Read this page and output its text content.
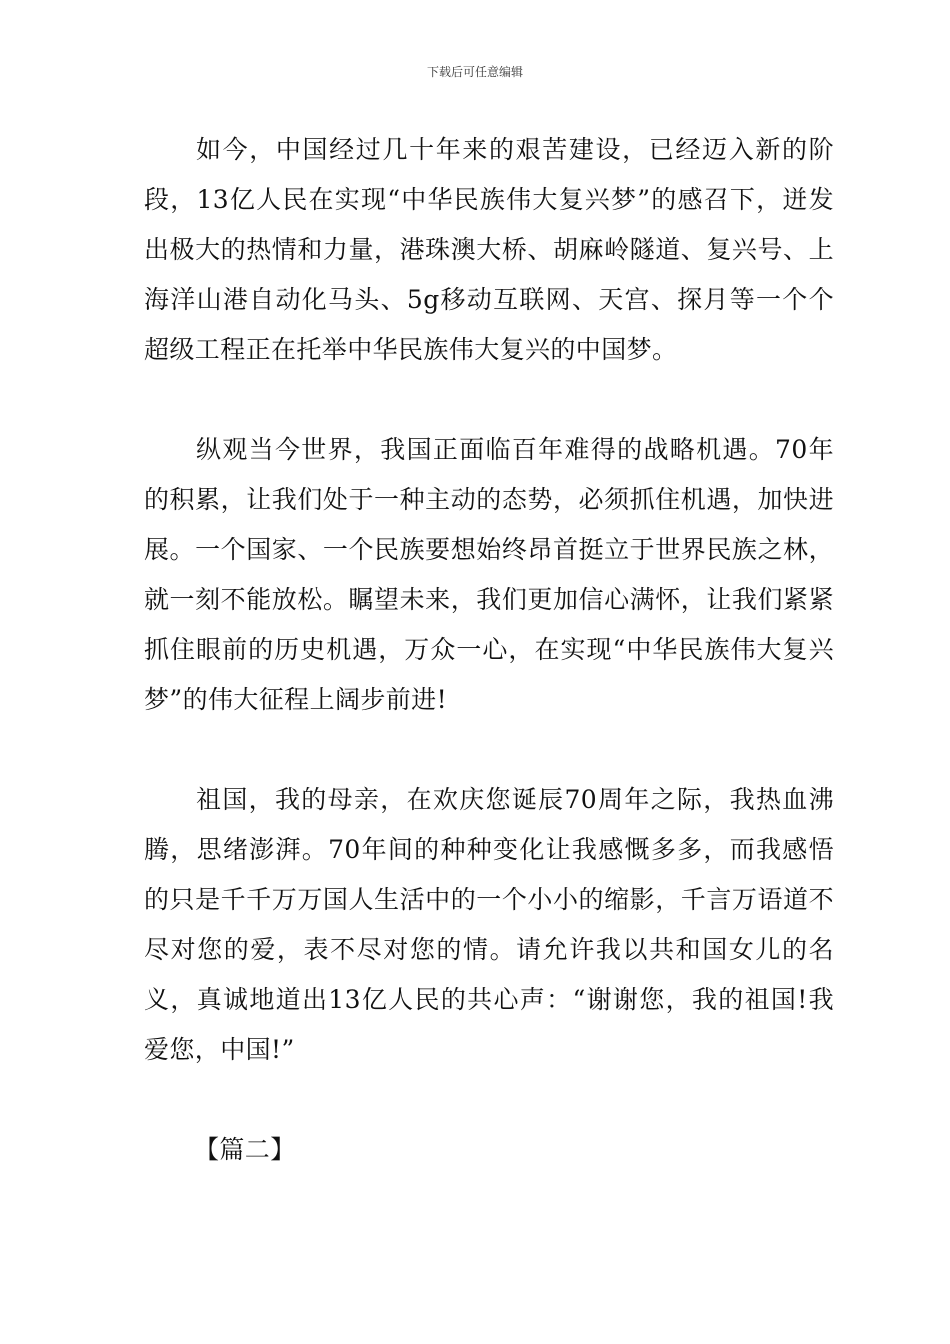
下载后可任意编辑

如今，中国经过几十年来的艰苦建设，已经迈入新的阶段，13亿人民在实现“中华民族伟大复兴梦”的感召下，迸发出极大的热情和力量，港珠澳大桥、胡麻岭隧道、复兴号、上海洋山港自动化马头、5g移动互联网、天宫、探月等一个个超级工程正在托举中华民族伟大复兴的中国梦。

纵观当今世界，我国正面临百年难得的战略机遇。70年的积累，让我们处于一种主动的态势，必须抓住机遇，加快进展。一个国家、一个民族要想始终昂首挺立于世界民族之林，就一刻不能放松。瞩望未来，我们更加信心满怀，让我们紧紧抓住眼前的历史机遇，万众一心，在实现“中华民族伟大复兴梦”的伟大征程上阔步前进!

祖国，我的母亲，在欢庆您诞辰70周年之际，我热血沸腾，思绪澎湃。70年间的种种变化让我感慨多多，而我感悟的只是千千万万国人生活中的一个小小的缩影，千言万语道不尽对您的爱，表不尽对您的情。请允许我以共和国女儿的名义，真诚地道出13亿人民的共心声：“谢谢您，我的祖国!我爱您，中国!”

【篇二】
